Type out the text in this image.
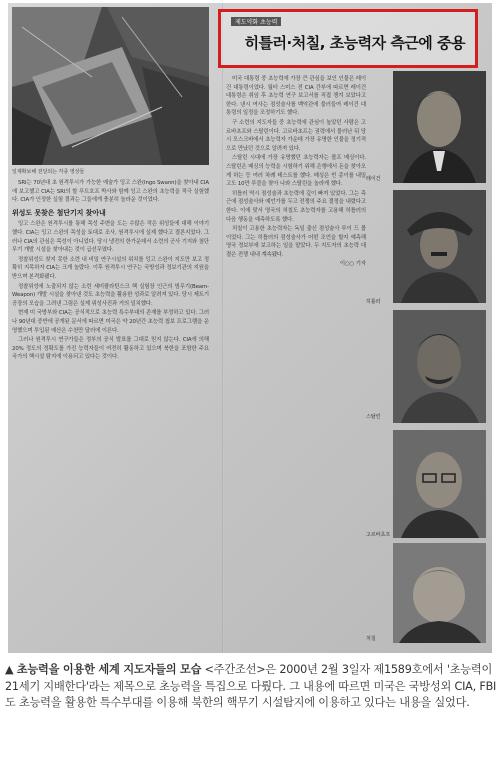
일제확보해 전달되는 각종 영상들

SRI는 70년대 초 원격투시가 가능한 예술가 잉고 스완(Ingo Swann)을 찾아내 CIA에 보고했고 CIA는 SRI의 할 푸트호프 박사와 함께 잉고 스완의 초능력을 적극 실험했다. CIA가 인정한 실험 결과는 그들에게 충분히 놀라운 것이었다.

위성도 못찾은 첨단기지 찾아내

잉고 스완은 원격투시를 통해 목성 주변을 도는 수많은 작은 위성들에 대해 이야기했다. CIA는 잉고 스완의 목성을 토대로 조사, 원격투시에 실제 했다고 결론지었다. 그러나 CIA의 관심은 목성이 아니었다. 당시 냉전의 한가운데서 소련의 군사 기지와 첨단 무기 개발 시설을 찾아내는 것이 급선무였다.

정찰위성도 찾지 못한 소련 내 비밀 연구시설의 위치를 잉고 스완이 지도만 보고 정확히 지목하자 CIA는 크게 놀랐다. 이후 원격투시 연구는 국방성과 정보기관의 지원을 받으며 본격화됐다.

정찰위성에 노출되지 않는 소련 세미팔라틴스크 핵 실험장 인근의 빔무기(Beam-Weapon) 개발 시설을 찾아낸 것도 초능력을 활용한 성과로 알려져 있다. 당시 제트기 공장의 모습을 그려낸 그림은 실제 위성사진과 거의 일치했다.

현재 미 국방부와 CIA는 공식적으로 초능력 특수부대의 존재를 부정하고 있다. 그러나 90년대 중반에 공개된 문서에 따르면 미국은 약 20년간 초능력 첩보 프로그램을 운영했으며 투입된 예산은 수천만 달러에 이른다.

그러나 원격투시 연구가들은 정부의 공식 발표를 그대로 믿지 않는다. CIA에 의해 20% 정도의 정확도를 가진 능력자들이 여전히 활동하고 있으며 북한을 포함한 주요 국가의 핵시설 탐지에 이용되고 있다는 것이다.

제도약화 초능력
히틀러·처칠, 초능력자 측근에 중용

미국 대통령 중 초능력에 가장 큰 관심을 보인 인물은 레이건 대통령이었다. 월터 스미스 전 CIA 간부에 따르면 레이건 대통령은 취임 후 초능력 연구 보고서를 직접 챙겨 보았다고 한다. 낸시 여사는 점성술사를 백악관에 불러들여 레이건 대통령의 일정을 조정하기도 했다.

구 소련의 지도자들 중 초능력에 관심이 높았던 사람은 고르바초프와 스탈린이다. 고르바초프는 권력에서 물러난 뒤 당시 모스크바에서 초능력자 가운데 가장 유명한 인물을 정기적으로 만났던 것으로 알려져 있다.

스탈린 시대에 가장 유명했던 초능력자는 볼프 메싱이다. 스탈린은 메싱의 능력을 시험하기 위해 은행에서 돈을 찾아오게 하는 등 여러 차례 테스트를 했다. 메싱은 빈 종이를 내밀고도 10만 루블을 찾아 나와 스탈린을 놀라게 했다.

히틀러 역시 점성술과 초능력에 깊이 빠져 있었다. 그는 측근에 점성술사와 예언가를 두고 전쟁의 주요 결정을 내렸다고 한다. 이에 맞서 영국의 처칠도 초능력자를 고용해 히틀러의 다음 행동을 예측하도록 했다.

처칠이 고용한 초능력자는 독일 출신 점성술사 루이 드 볼이었다. 그는 히틀러의 점성술사가 어떤 조언을 할지 예측해 영국 정보부에 보고하는 일을 맡았다. 두 지도자의 초능력 대결은 전쟁 내내 계속됐다.

이○○ 기자

레이건
히틀러
스탈린
고르바초프
처칠
▲ 초능력을 이용한 세계 지도자들의 모습 <주간조선>은 2000년 2월 3일자 제1589호에서 '초능력이 21세기 지배한다'라는 제목으로 초능력을 특집으로 다뤘다. 그 내용에 따르면 미국은 국방성외 CIA, FBI도 초능력을 활용한 특수부대를 이용해 북한의 핵무기 시설탐지에 이용하고 있다는 내용을 실었다.
